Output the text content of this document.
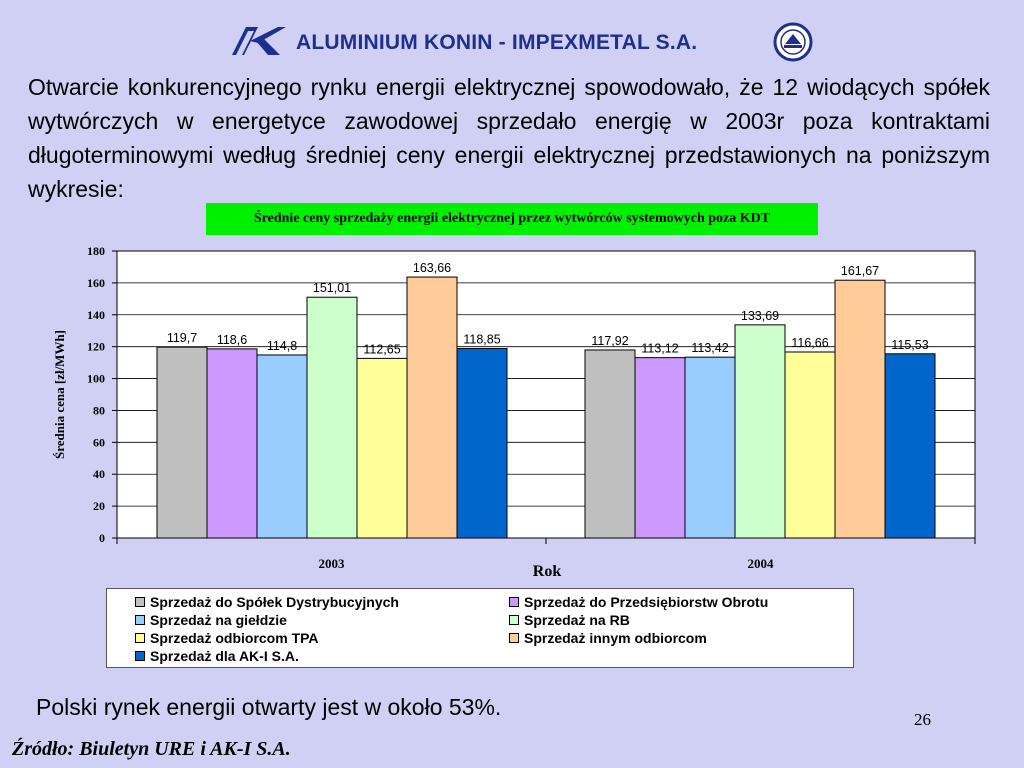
ALUMINIUM KONIN - IMPEXMETAL S.A.

Otwarcie konkurencyjnego rynku energii elektrycznej spowodowało, że 12 wiodących spółek wytwórczych w energetyce zawodowej sprzedało energię w 2003r poza kontraktami długoterminowymi według średniej ceny energii elektrycznej przedstawionych na poniższym wykresie:

Średnie ceny sprzedaży energii elektrycznej przez wytwórców systemowych poza KDT
119,7	117,92
118,6
113,12
114,8	113,42
151,01
133,69
112,65	116,66
163,66	161,67
118,85	115,53
0
20
40
60
80
100
120
140
160
180
2003	2004
Rok
Średnia cena [zł/MWh]
Sprzedaż do Spółek Dystrybucyjnych	Sprzedaż do Przedsiębiorstw Obrotu
Sprzedaż na giełdzie	Sprzedaż na RB
Sprzedaż odbiorcom TPA	Sprzedaż innym odbiorcom
Sprzedaż dla AK-I S.A.
Polski rynek energii otwarty jest w około 53%.	26
Źródło: Biuletyn URE i AK-I S.A.
